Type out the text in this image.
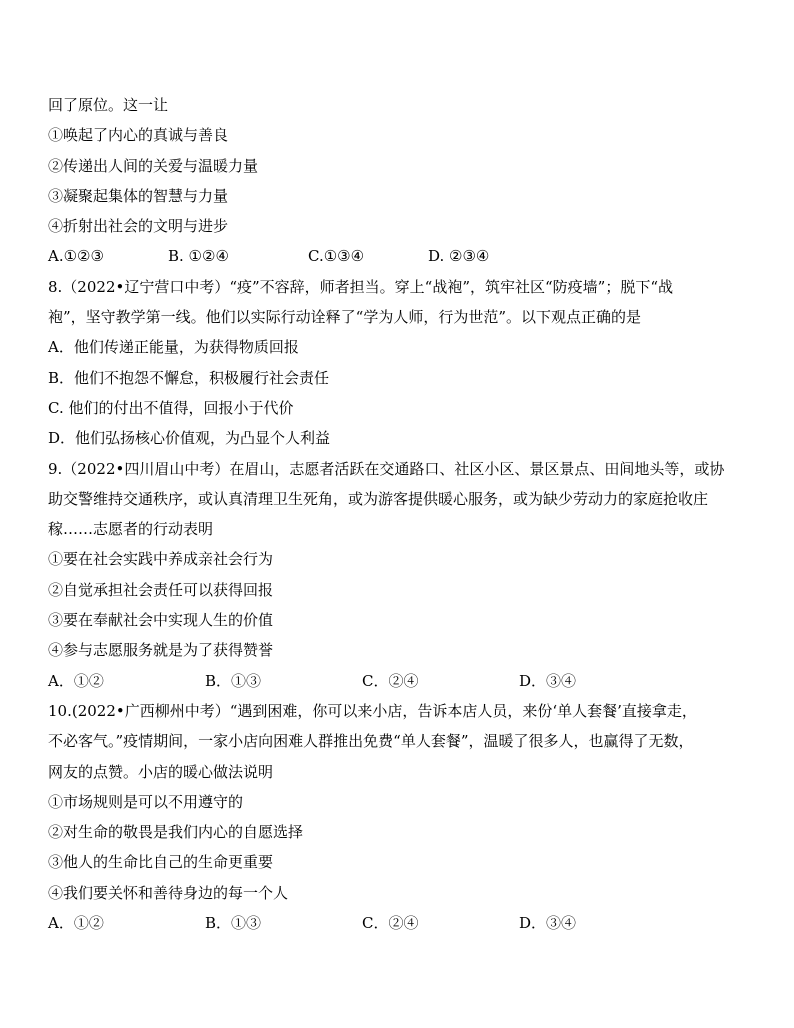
回了原位。这一让
①唤起了内心的真诚与善良
②传递出人间的关爱与温暖力量
③凝聚起集体的智慧与力量
④折射出社会的文明与进步
A.①②③	B. ①②④	C.①③④	D. ②③④
8.（2022•辽宁营口中考）“疫”不容辞，师者担当。穿上“战袍”，筑牢社区“防疫墙”；脱下“战
袍”，坚守教学第一线。他们以实际行动诠释了“学为人师，行为世范”。以下观点正确的是
A．他们传递正能量，为获得物质回报
B．他们不抱怨不懈怠，积极履行社会责任
C. 他们的付出不值得，回报小于代价
D．他们弘扬核心价值观，为凸显个人利益
9.（2022•四川眉山中考）在眉山，志愿者活跃在交通路口、社区小区、景区景点、田间地头等，或协
助交警维持交通秩序，或认真清理卫生死角，或为游客提供暖心服务，或为缺少劳动力的家庭抢收庄
稼……志愿者的行动表明
①要在社会实践中养成亲社会行为
②自觉承担社会责任可以获得回报
③要在奉献社会中实现人生的价值
④参与志愿服务就是为了获得赞誉
A．①②	B．①③	C．②④	D．③④
10.(2022•广西柳州中考）“遇到困难，你可以来小店，告诉本店人员，来份‘单人套餐’直接拿走，
不必客气。”疫情期间，一家小店向困难人群推出免费“单人套餐”，温暖了很多人，也赢得了无数，
网友的点赞。小店的暖心做法说明
①市场规则是可以不用遵守的
②对生命的敬畏是我们内心的自愿选择
③他人的生命比自己的生命更重要
④我们要关怀和善待身边的每一个人
A．①②	B．①③	C．②④	D．③④
